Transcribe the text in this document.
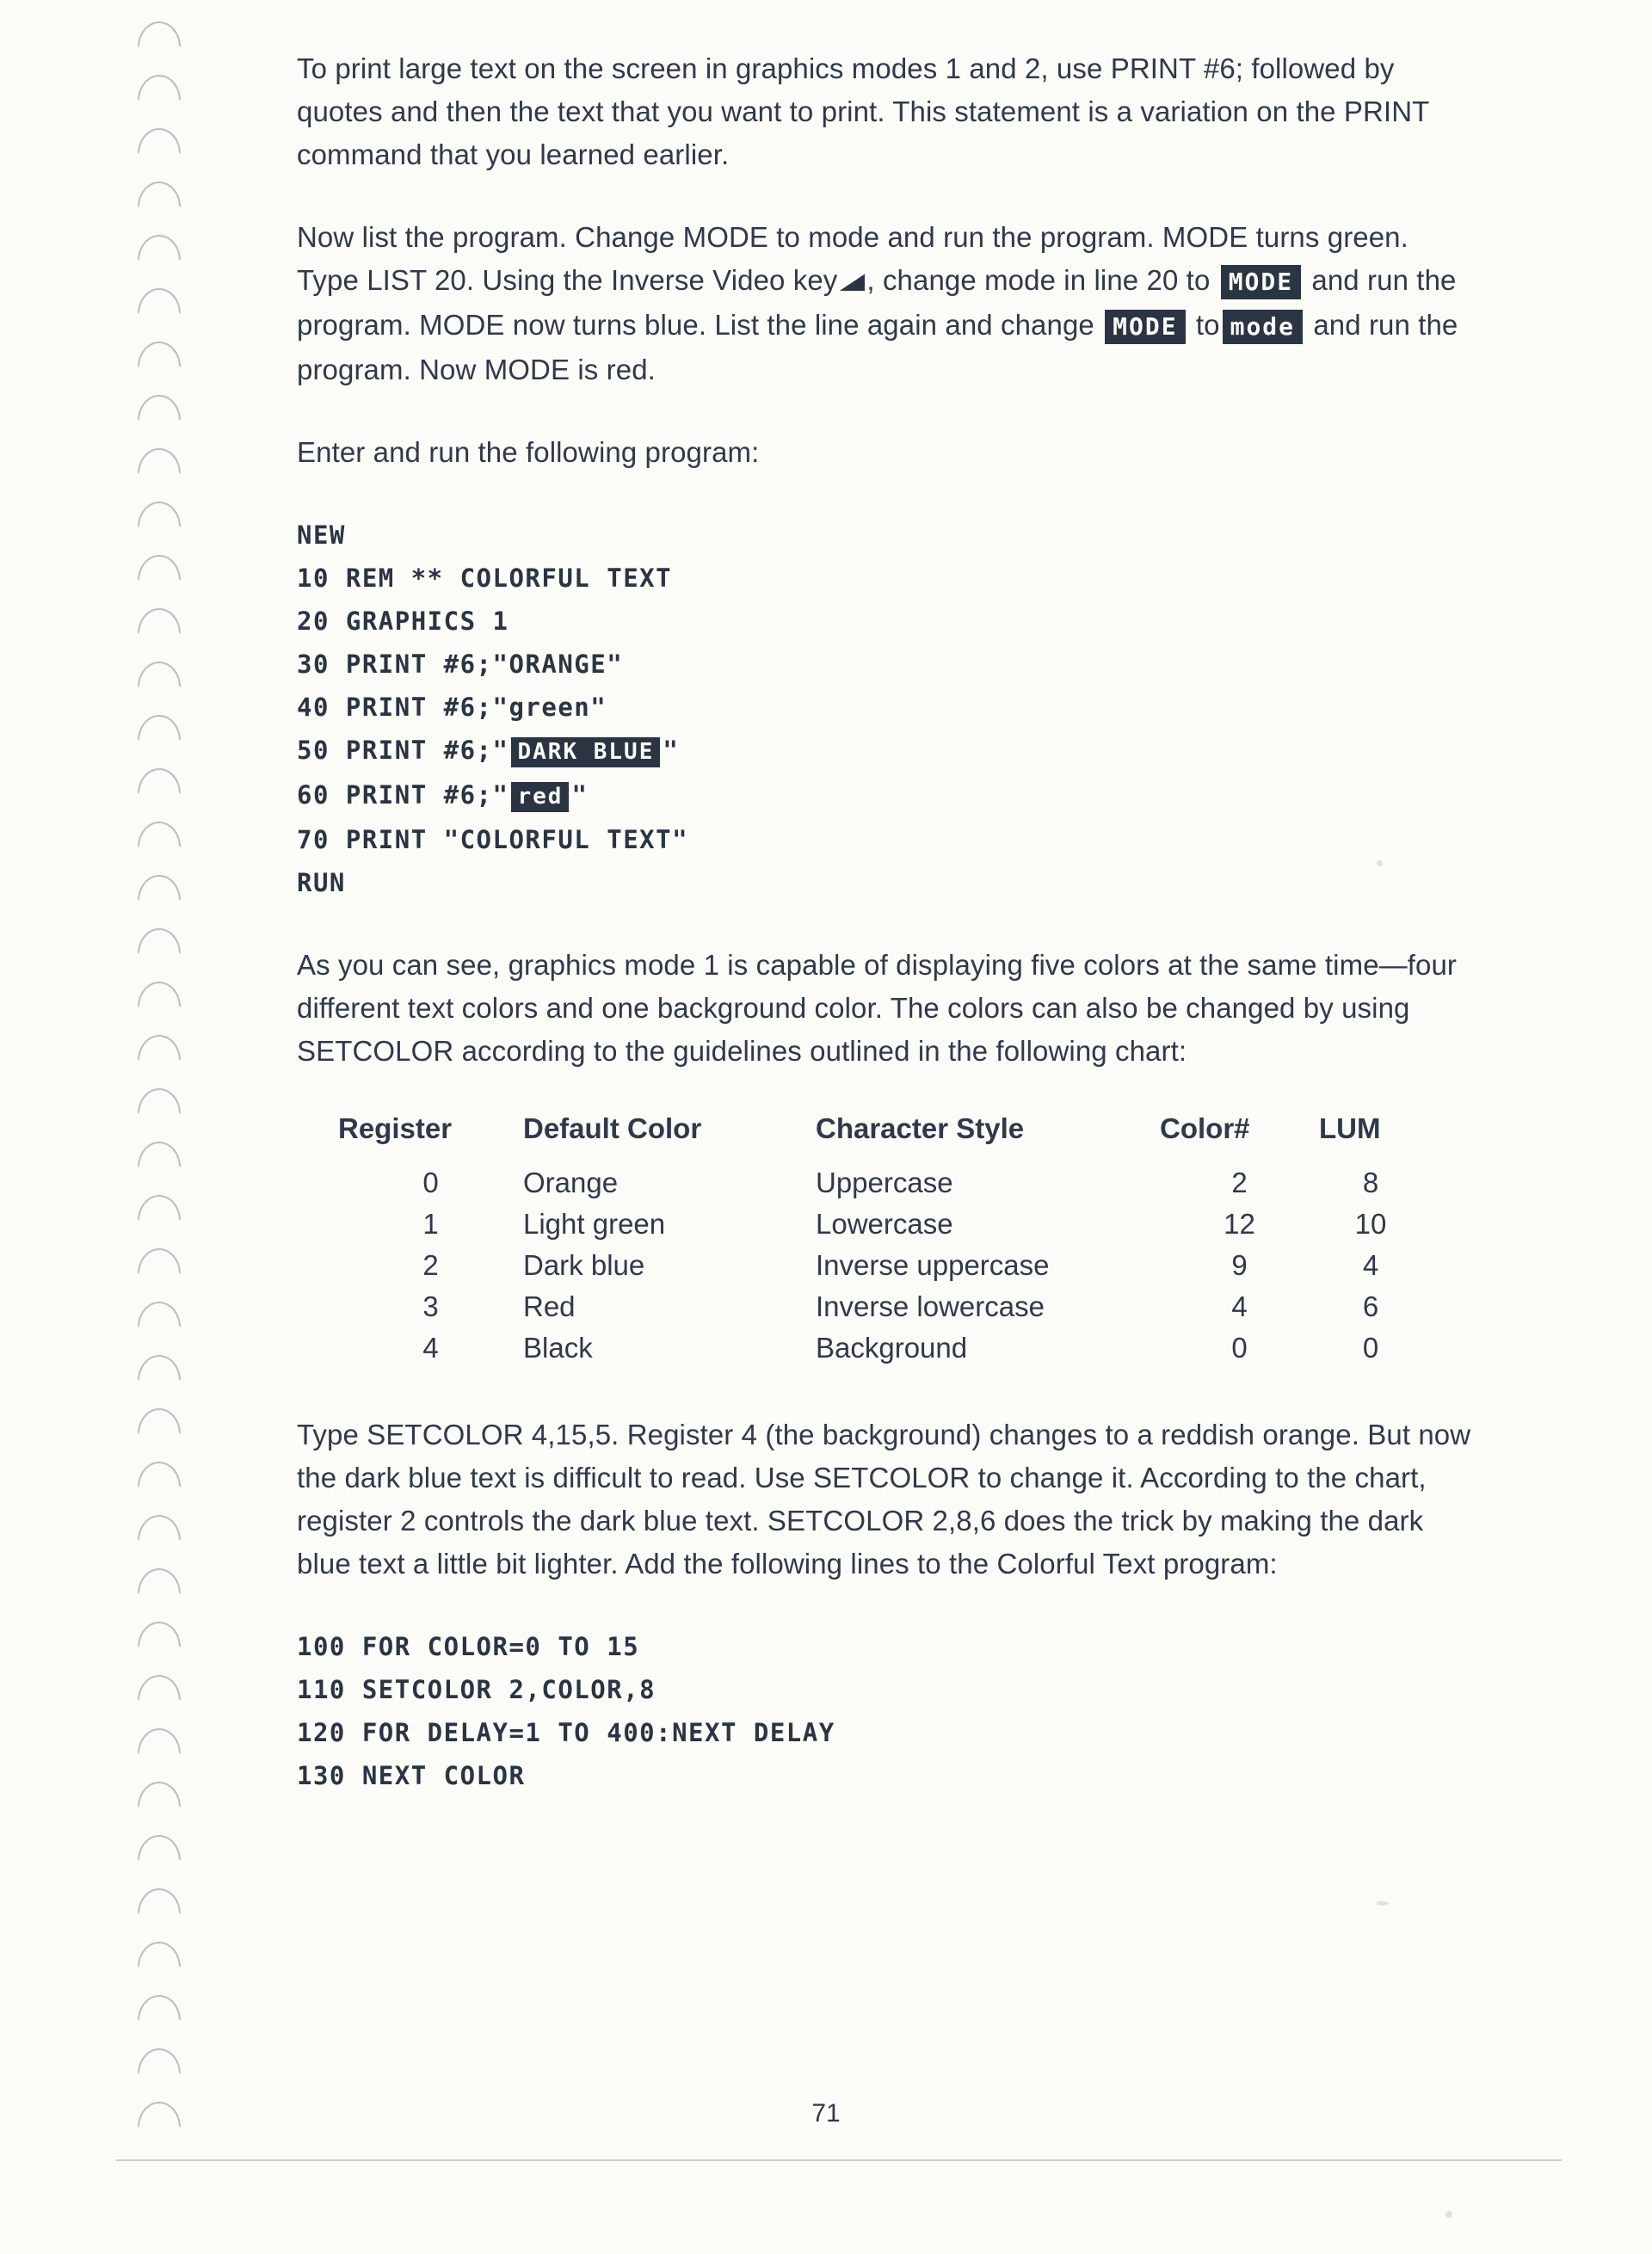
To print large text on the screen in graphics modes 1 and 2, use PRINT #6; followed by quotes and then the text that you want to print. This statement is a variation on the PRINT command that you learned earlier.

Now list the program. Change MODE to mode and run the program. MODE turns green. Type LIST 20. Using the Inverse Video key , change mode in line 20 to MODE and run the program. MODE now turns blue. List the line again and change MODE to mode and run the program. Now MODE is red.

Enter and run the following program:

NEW
10 REM ** COLORFUL TEXT
20 GRAPHICS 1
30 PRINT #6;"ORANGE"
40 PRINT #6;"green"
50 PRINT #6;" DARK BLUE "
60 PRINT #6;" red "
70 PRINT "COLORFUL TEXT"
RUN

As you can see, graphics mode 1 is capable of displaying five colors at the same time—four different text colors and one background color. The colors can also be changed by using SETCOLOR according to the guidelines outlined in the following chart:

Register	Default Color	Character Style	Color#	LUM
0	Orange	Uppercase	2	8
1	Light green	Lowercase	12	10
2	Dark blue	Inverse uppercase	9	4
3	Red	Inverse lowercase	4	6
4	Black	Background	0	0

Type SETCOLOR 4,15,5. Register 4 (the background) changes to a reddish orange. But now the dark blue text is difficult to read. Use SETCOLOR to change it. According to the chart, register 2 controls the dark blue text. SETCOLOR 2,8,6 does the trick by making the dark blue text a little bit lighter. Add the following lines to the Colorful Text program:

100 FOR COLOR=0 TO 15
110 SETCOLOR 2,COLOR,8
120 FOR DELAY=1 TO 400:NEXT DELAY
130 NEXT COLOR
71
